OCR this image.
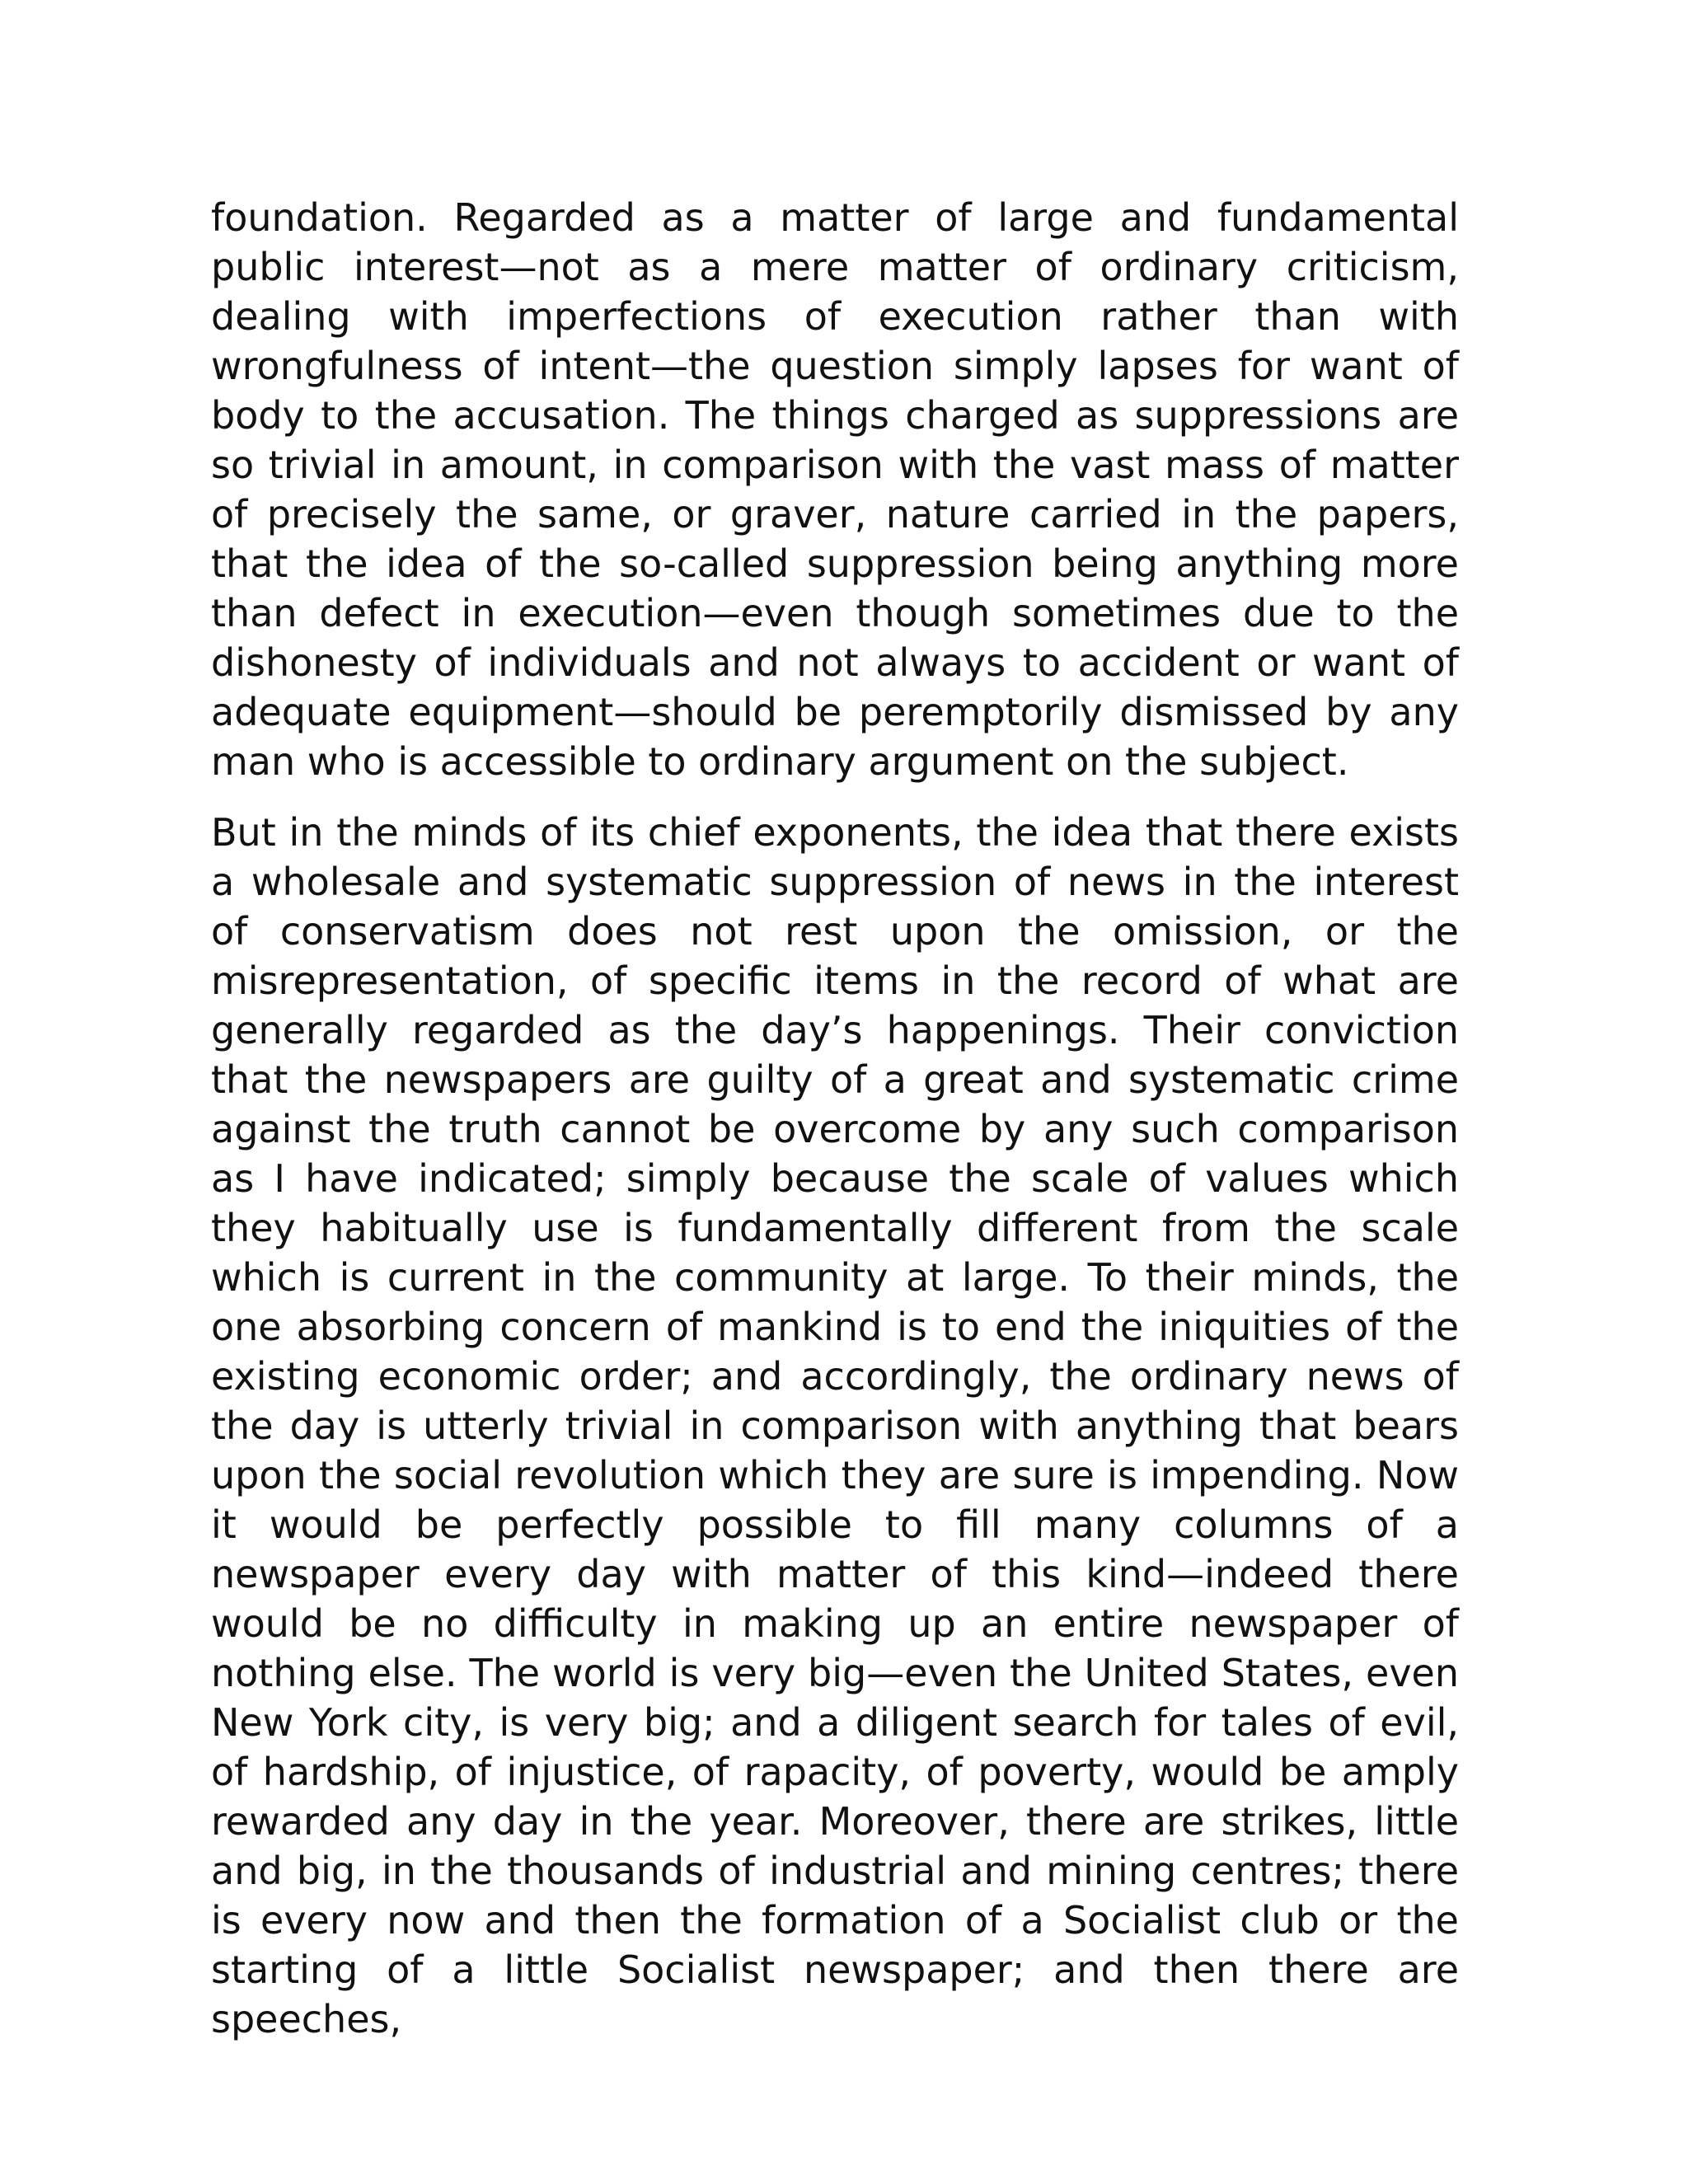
foundation. Regarded as a matter of large and fundamental public interest—not as a mere matter of ordinary criticism, dealing with imperfections of execution rather than with wrongfulness of intent—the question simply lapses for want of body to the accusation. The things charged as suppressions are so trivial in amount, in comparison with the vast mass of matter of precisely the same, or graver, nature carried in the papers, that the idea of the so-called suppression being anything more than defect in execution—even though sometimes due to the dishonesty of individuals and not always to accident or want of adequate equipment—should be peremptorily dismissed by any man who is accessible to ordinary argument on the subject.

But in the minds of its chief exponents, the idea that there exists a wholesale and systematic suppression of news in the interest of conservatism does not rest upon the omission, or the misrepresentation, of specific items in the record of what are generally regarded as the day’s happenings. Their conviction that the newspapers are guilty of a great and systematic crime against the truth cannot be overcome by any such comparison as I have indicated; simply because the scale of values which they habitually use is fundamentally different from the scale which is current in the community at large. To their minds, the one absorbing concern of mankind is to end the iniquities of the existing economic order; and accordingly, the ordinary news of the day is utterly trivial in comparison with anything that bears upon the social revolution which they are sure is impending. Now it would be perfectly possible to fill many columns of a newspaper every day with matter of this kind—indeed there would be no difficulty in making up an entire newspaper of nothing else. The world is very big—even the United States, even New York city, is very big; and a diligent search for tales of evil, of hardship, of injustice, of rapacity, of poverty, would be amply rewarded any day in the year. Moreover, there are strikes, little and big, in the thousands of industrial and mining centres; there is every now and then the formation of a Socialist club or the starting of a little Socialist newspaper; and then there are speeches,
